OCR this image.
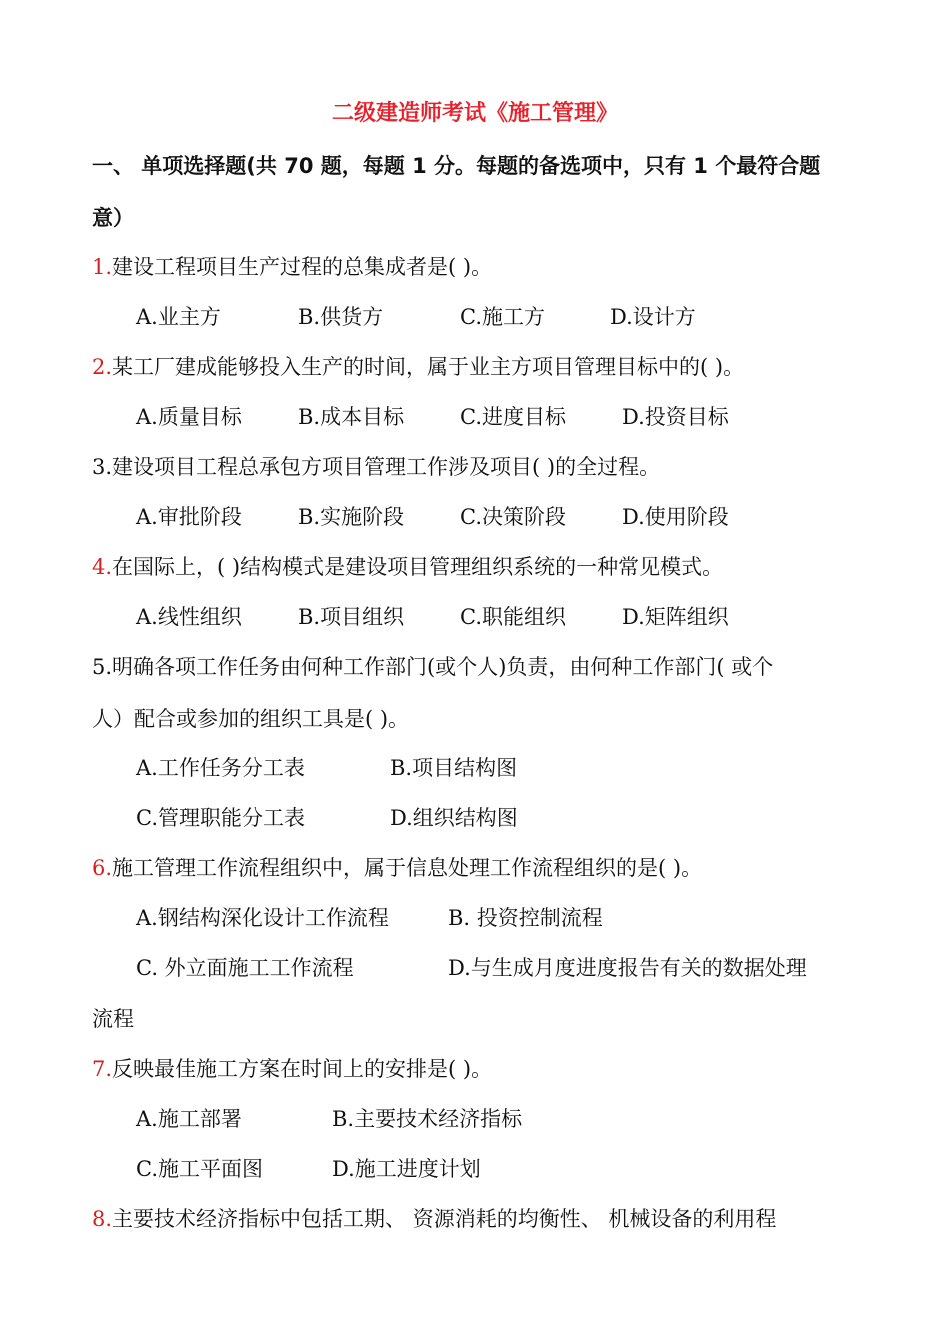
二级建造师考试《施工管理》
一、 单项选择题(共 70 题，每题 1 分。每题的备选项中，只有 1 个最符合题
意）
1.建设工程项目生产过程的总集成者是( )。
A.业主方	B.供货方	C.施工方	D.设计方
2.某工厂建成能够投入生产的时间，属于业主方项目管理目标中的( )。
A.质量目标	B.成本目标	C.进度目标	D.投资目标
3.建设项目工程总承包方项目管理工作涉及项目( )的全过程。
A.审批阶段	B.实施阶段	C.决策阶段	D.使用阶段
4.在国际上，( )结构模式是建设项目管理组织系统的一种常见模式。
A.线性组织	B.项目组织	C.职能组织	D.矩阵组织
5.明确各项工作任务由何种工作部门(或个人)负责，由何种工作部门( 或个
人）配合或参加的组织工具是( )。
A.工作任务分工表	B.项目结构图
C.管理职能分工表	D.组织结构图
6.施工管理工作流程组织中，属于信息处理工作流程组织的是( )。
A.钢结构深化设计工作流程	B. 投资控制流程
C. 外立面施工工作流程	D.与生成月度进度报告有关的数据处理
流程
7.反映最佳施工方案在时间上的安排是( )。
A.施工部署	B.主要技术经济指标
C.施工平面图	D.施工进度计划
8.主要技术经济指标中包括工期、 资源消耗的均衡性、 机械设备的利用程
